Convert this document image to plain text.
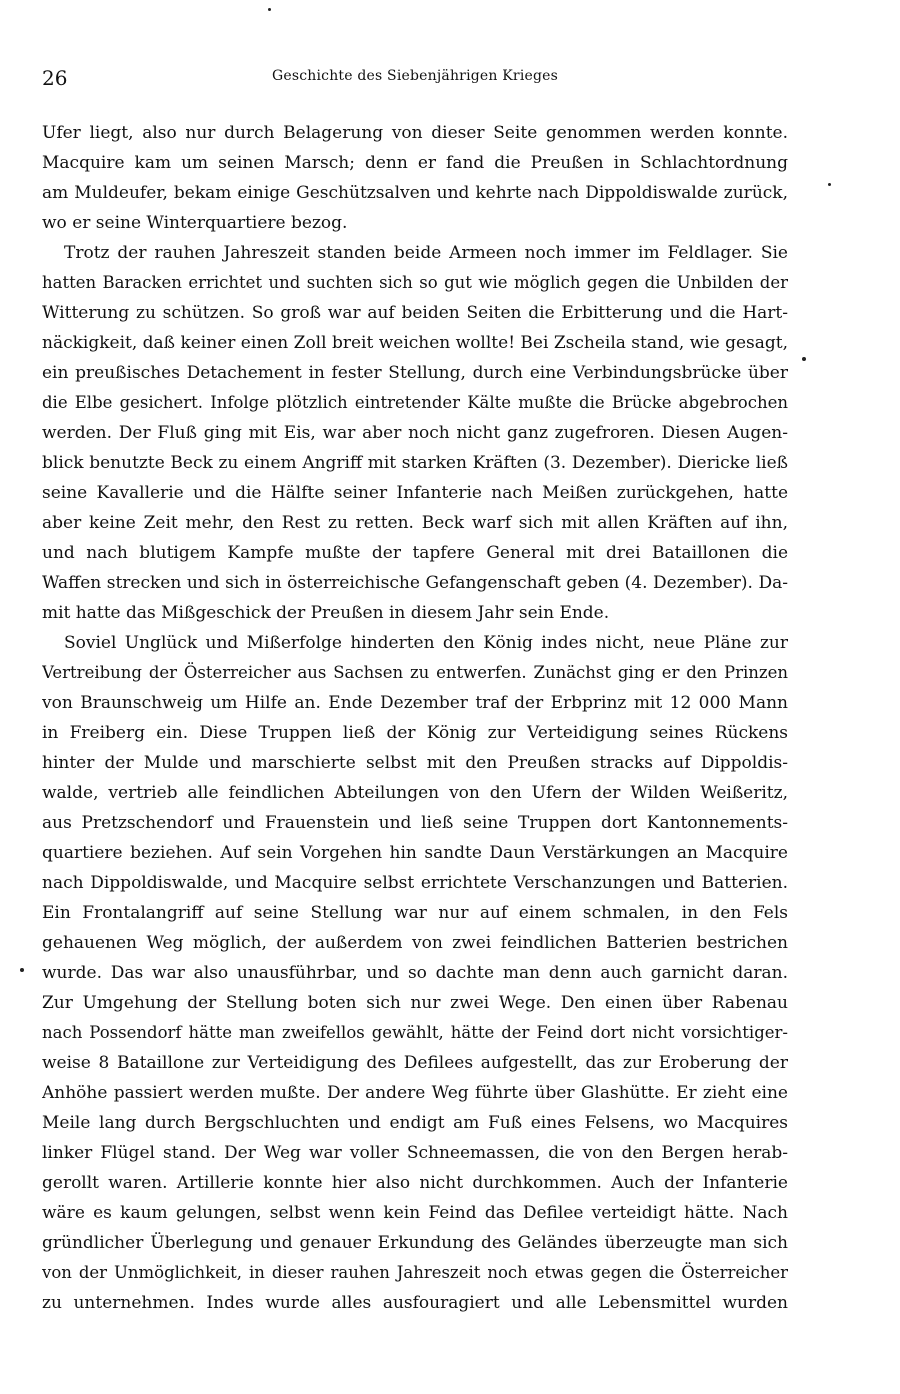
26	Geschichte des Siebenjährigen Krieges
Ufer liegt, also nur durch Belagerung von dieser Seite genommen werden konnte.
Macquire kam um seinen Marsch; denn er fand die Preußen in Schlachtordnung
am Muldeufer, bekam einige Geschützsalven und kehrte nach Dippoldiswalde zurück,
wo er seine Winterquartiere bezog.
Trotz der rauhen Jahreszeit standen beide Armeen noch immer im Feldlager. Sie
hatten Baracken errichtet und suchten sich so gut wie möglich gegen die Unbilden der
Witterung zu schützen. So groß war auf beiden Seiten die Erbitterung und die Hart-
näckigkeit, daß keiner einen Zoll breit weichen wollte! Bei Zscheila stand, wie gesagt,
ein preußisches Detachement in fester Stellung, durch eine Verbindungsbrücke über
die Elbe gesichert. Infolge plötzlich eintretender Kälte mußte die Brücke abgebrochen
werden. Der Fluß ging mit Eis, war aber noch nicht ganz zugefroren. Diesen Augen-
blick benutzte Beck zu einem Angriff mit starken Kräften (3. Dezember). Diericke ließ
seine Kavallerie und die Hälfte seiner Infanterie nach Meißen zurückgehen, hatte
aber keine Zeit mehr, den Rest zu retten. Beck warf sich mit allen Kräften auf ihn,
und nach blutigem Kampfe mußte der tapfere General mit drei Bataillonen die
Waffen strecken und sich in österreichische Gefangenschaft geben (4. Dezember). Da-
mit hatte das Mißgeschick der Preußen in diesem Jahr sein Ende.
Soviel Unglück und Mißerfolge hinderten den König indes nicht, neue Pläne zur
Vertreibung der Österreicher aus Sachsen zu entwerfen. Zunächst ging er den Prinzen
von Braunschweig um Hilfe an. Ende Dezember traf der Erbprinz mit 12 000 Mann
in Freiberg ein. Diese Truppen ließ der König zur Verteidigung seines Rückens
hinter der Mulde und marschierte selbst mit den Preußen stracks auf Dippoldis-
walde, vertrieb alle feindlichen Abteilungen von den Ufern der Wilden Weißeritz,
aus Pretzschendorf und Frauenstein und ließ seine Truppen dort Kantonnements-
quartiere beziehen. Auf sein Vorgehen hin sandte Daun Verstärkungen an Macquire
nach Dippoldiswalde, und Macquire selbst errichtete Verschanzungen und Batterien.
Ein Frontalangriff auf seine Stellung war nur auf einem schmalen, in den Fels
gehauenen Weg möglich, der außerdem von zwei feindlichen Batterien bestrichen
wurde. Das war also unausführbar, und so dachte man denn auch garnicht daran.
Zur Umgehung der Stellung boten sich nur zwei Wege. Den einen über Rabenau
nach Possendorf hätte man zweifellos gewählt, hätte der Feind dort nicht vorsichtiger-
weise 8 Bataillone zur Verteidigung des Defilees aufgestellt, das zur Eroberung der
Anhöhe passiert werden mußte. Der andere Weg führte über Glashütte. Er zieht eine
Meile lang durch Bergschluchten und endigt am Fuß eines Felsens, wo Macquires
linker Flügel stand. Der Weg war voller Schneemassen, die von den Bergen herab-
gerollt waren. Artillerie konnte hier also nicht durchkommen. Auch der Infanterie
wäre es kaum gelungen, selbst wenn kein Feind das Defilee verteidigt hätte. Nach
gründlicher Überlegung und genauer Erkundung des Geländes überzeugte man sich
von der Unmöglichkeit, in dieser rauhen Jahreszeit noch etwas gegen die Österreicher
zu unternehmen. Indes wurde alles ausfouragiert und alle Lebensmittel wurden
